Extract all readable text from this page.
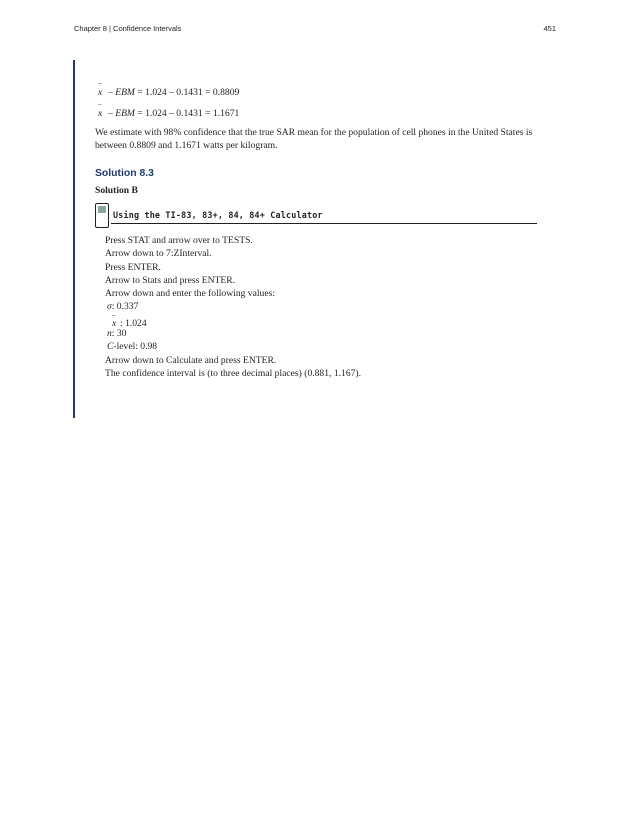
Chapter 8 | Confidence Intervals	451
–
x – EBM = 1.024 – 0.1431 = 0.8809
–
x – EBM = 1.024 – 0.1431 = 1.1671
We estimate with 98% confidence that the true SAR mean for the population of cell phones in the United States is between 0.8809 and 1.1671 watts per kilogram.
Solution 8.3
Solution B
Using the TI-83, 83+, 84, 84+ Calculator
Press STAT and arrow over to TESTS.
Arrow down to 7:ZInterval.
Press ENTER.
Arrow to Stats and press ENTER.
Arrow down and enter the following values:
σ: 0.337
–
x : 1.024
n: 30
C-level: 0.98
Arrow down to Calculate and press ENTER.
The confidence interval is (to three decimal places) (0.881, 1.167).
